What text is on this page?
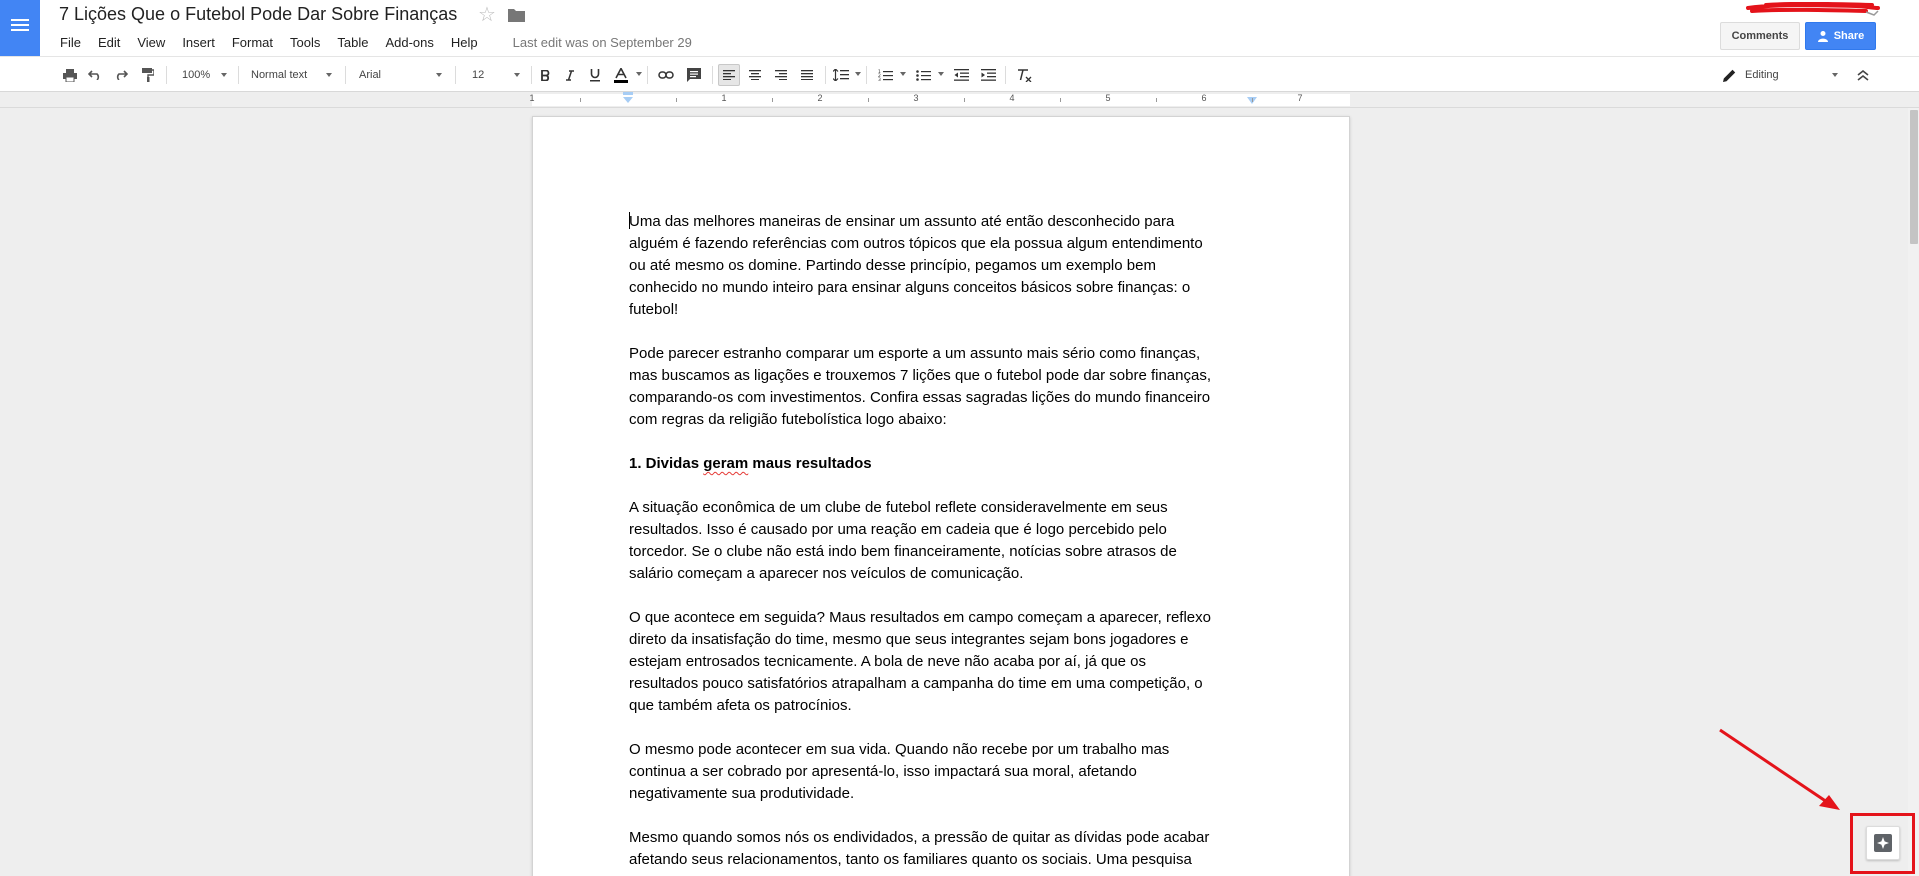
7 Lições Que o Futebol Pode Dar Sobre Finanças ☆
File Edit View Insert Format Tools Table Add-ons Help	Last edit was on September 29	Comments	Share
100%	Normal text	Arial	12	1
2
3	Editing
1	1	2	3	4	5	6	7

Uma das melhores maneiras de ensinar um assunto até então desconhecido para
alguém é fazendo referências com outros tópicos que ela possua algum entendimento
ou até mesmo os domine. Partindo desse princípio, pegamos um exemplo bem
conhecido no mundo inteiro para ensinar alguns conceitos básicos sobre finanças: o
futebol!

Pode parecer estranho comparar um esporte a um assunto mais sério como finanças,
mas buscamos as ligações e trouxemos 7 lições que o futebol pode dar sobre finanças,
comparando-os com investimentos. Confira essas sagradas lições do mundo financeiro
com regras da religião futebolística logo abaixo:

1. Dividas geram maus resultados

A situação econômica de um clube de futebol reflete consideravelmente em seus
resultados. Isso é causado por uma reação em cadeia que é logo percebido pelo
torcedor. Se o clube não está indo bem financeiramente, notícias sobre atrasos de
salário começam a aparecer nos veículos de comunicação.

O que acontece em seguida? Maus resultados em campo começam a aparecer, reflexo
direto da insatisfação do time, mesmo que seus integrantes sejam bons jogadores e
estejam entrosados tecnicamente. A bola de neve não acaba por aí, já que os
resultados pouco satisfatórios atrapalham a campanha do time em uma competição, o
que também afeta os patrocínios.

O mesmo pode acontecer em sua vida. Quando não recebe por um trabalho mas
continua a ser cobrado por apresentá-lo, isso impactará sua moral, afetando
negativamente sua produtividade.

Mesmo quando somos nós os endividados, a pressão de quitar as dívidas pode acabar
afetando seus relacionamentos, tanto os familiares quanto os sociais. Uma pesquisa
